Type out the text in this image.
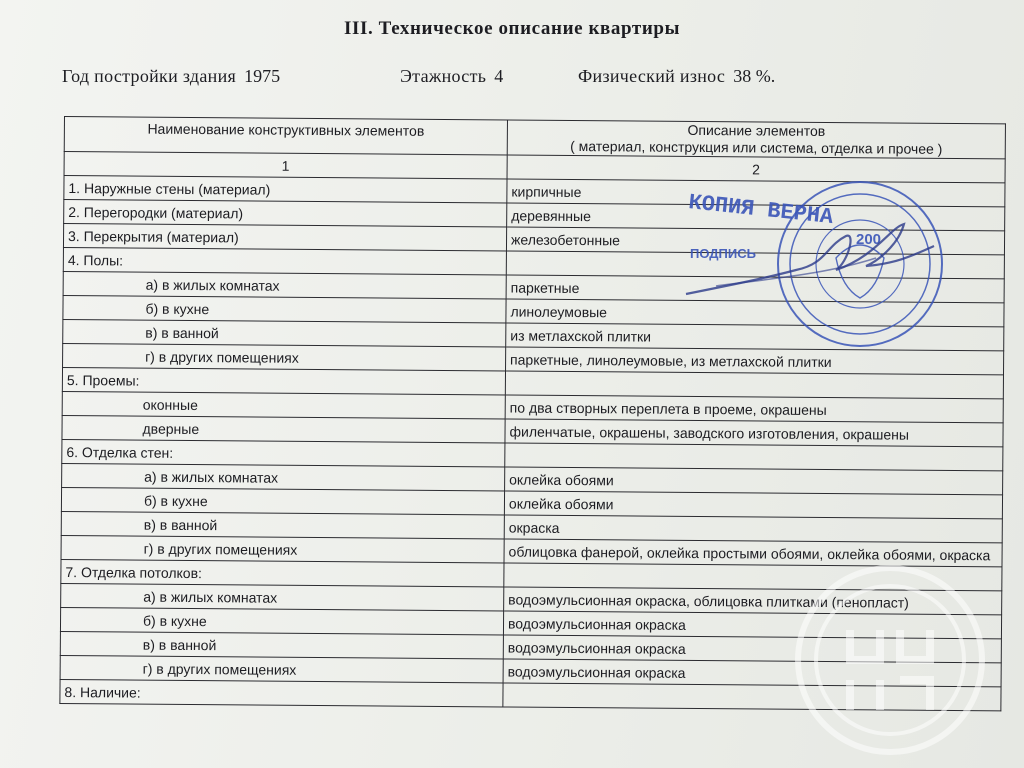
III. Техническое описание квартиры
Год постройки здания 1975	Этажность 4	Физический износ 38 %.
Наименование конструктивных элементов	Описание элементов
( материал, конструкция или система, отделка и прочее )

1	2
1. Наружные стены (материал)	кирпичные
2. Перегородки (материал)	деревянные
3. Перекрытия (материал)	железобетонные
4. Полы:	
а) в жилых комнатах	паркетные
б) в кухне	линолеумовые
в) в ванной	из метлахской плитки
г) в других помещениях	паркетные, линолеумовые, из метлахской плитки
5. Проемы:	
оконные	по два створных переплета в проеме, окрашены
дверные	филенчатые, окрашены, заводского изготовления, окрашены
6. Отделка стен:	
а) в жилых комнатах	оклейка обоями
б) в кухне	оклейка обоями
в) в ванной	окраска
г) в других помещениях	облицовка фанерой, оклейка простыми обоями, оклейка обоями, окраска
7. Отделка потолков:	
а) в жилых комнатах	водоэмульсионная окраска, облицовка плитками (пенопласт)
б) в кухне	водоэмульсионная окраска
в) в ванной	водоэмульсионная окраска
г) в других помещениях	водоэмульсионная окраска
8. Наличие:	
КОПИЯ ВЕРНА
200
ПОДПИСЬ
